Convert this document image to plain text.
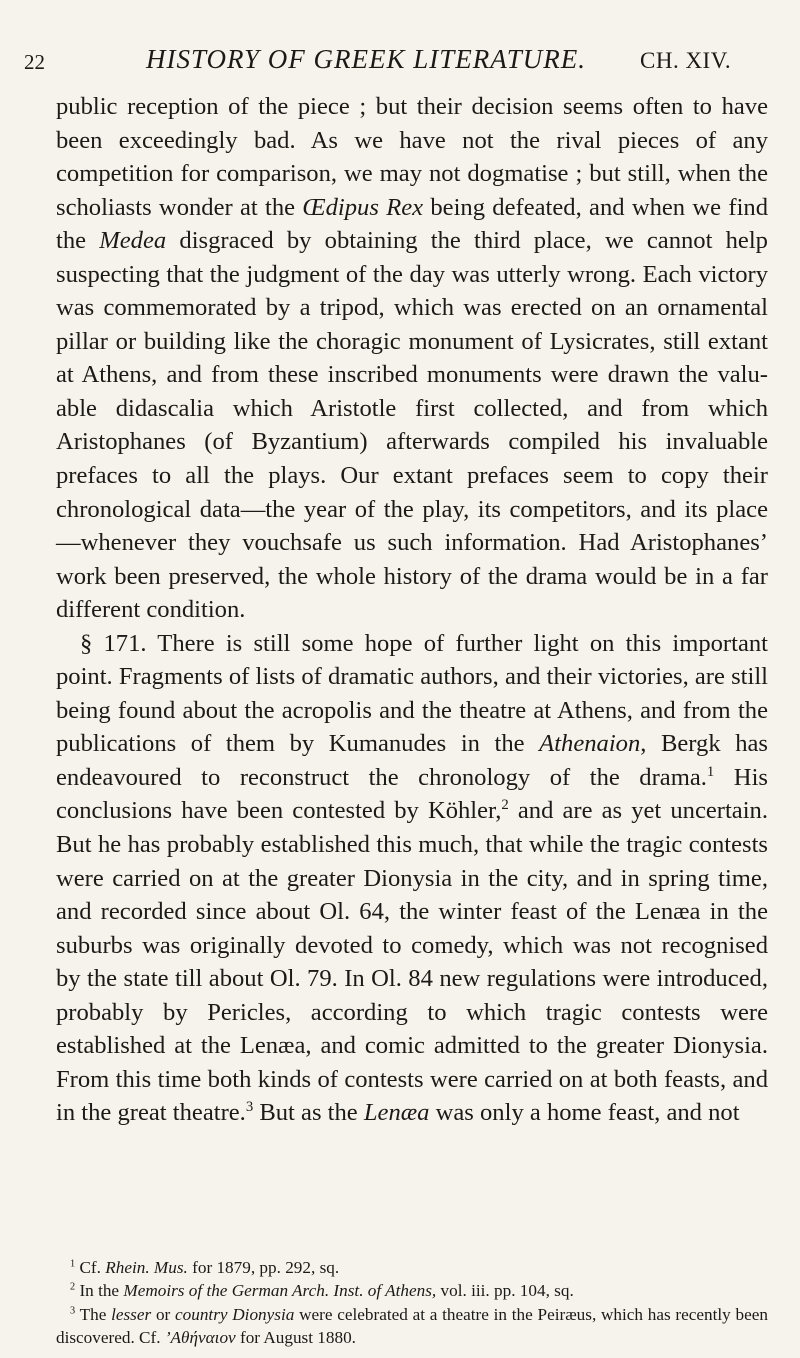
22	HISTORY OF GREEK LITERATURE. CH. XIV.

public reception of the piece ; but their decision seems often to have been exceedingly bad. As we have not the rival pieces of any competition for comparison, we may not dogmatise ; but still, when the scholiasts wonder at the Œdipus Rex being defeated, and when we find the Medea disgraced by obtaining the third place, we cannot help suspecting that the judgment of the day was utterly wrong. Each victory was commemorated by a tripod, which was erected on an ornamental pillar or building like the choragic monument of Lysicrates, still extant at Athens, and from these inscribed monuments were drawn the valuable didascalia which Aristotle first collected, and from which Aristophanes (of Byzantium) afterwards compiled his invaluable prefaces to all the plays. Our extant prefaces seem to copy their chronological data—the year of the play, its competitors, and its place—whenever they vouchsafe us such information. Had Aristophanes’ work been preserved, the whole history of the drama would be in a far different condition.

§ 171. There is still some hope of further light on this important point. Fragments of lists of dramatic authors, and their victories, are still being found about the acropolis and the theatre at Athens, and from the publications of them by Kumanudes in the Athenaion, Bergk has endeavoured to reconstruct the chronology of the drama.$^1$ His conclusions have been contested by Köhler,$^2$ and are as yet uncertain. But he has probably established this much, that while the tragic contests were carried on at the greater Dionysia in the city, and in spring time, and recorded since about Ol. 64, the winter feast of the Lenæa in the suburbs was originally devoted to comedy, which was not recognised by the state till about Ol. 79. In Ol. 84 new regulations were introduced, probably by Pericles, according to which tragic contests were established at the Lenæa, and comic admitted to the greater Dionysia. From this time both kinds of contests were carried on at both feasts, and in the great theatre.$^3$ But as the Lenæa was only a home feast, and not

$^1$ Cf. Rhein. Mus. for 1879, pp. 292, sq.

$^2$ In the Memoirs of the German Arch. Inst. of Athens, vol. iii. pp. 104, sq.

$^3$ The lesser or country Dionysia were celebrated at a theatre in the Peiræus, which has recently been discovered. Cf. ’Αθήναιον for August 1880.
